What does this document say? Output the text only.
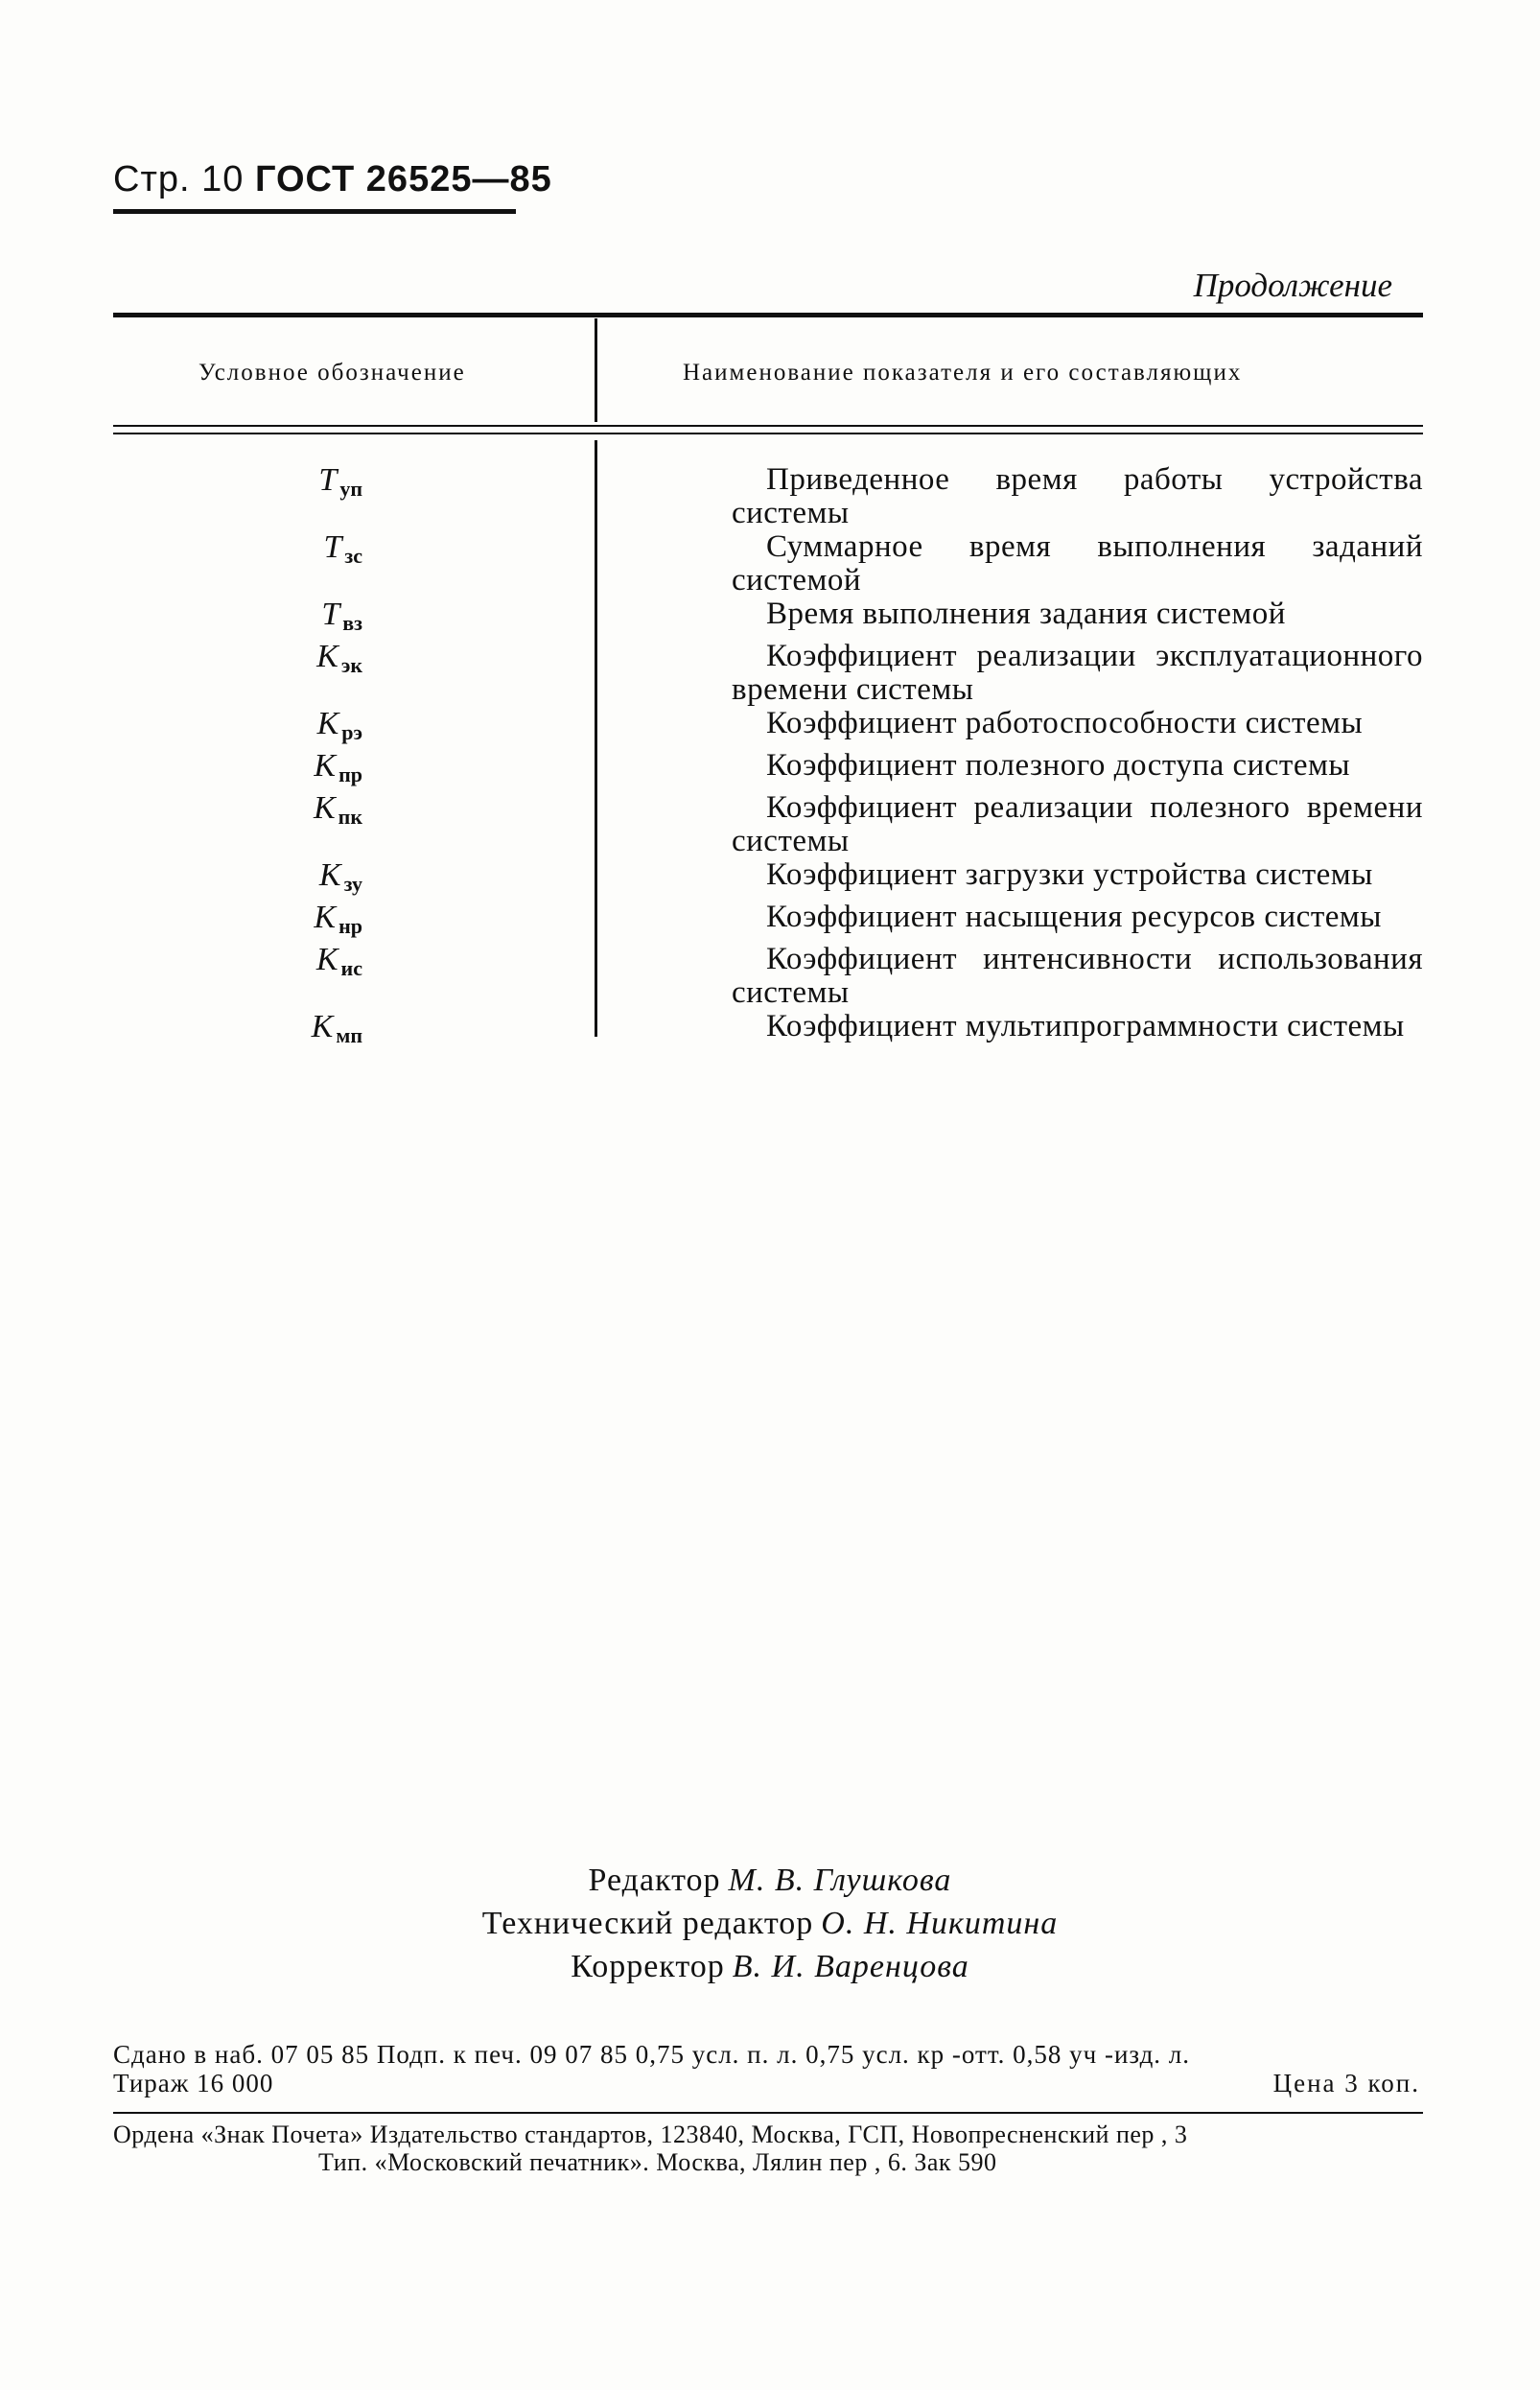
Стр. 10 ГОСТ 26525—85
Продолжение
Условное обозначение	Наименование показателя и его составляющих
T $_{уп}$	Приведенное время работы устройства системы
T $_{зс}$	Суммарное время выполнения заданий системой
T $_{вз}$	Время выполнения задания системой
K $_{эк}$	Коэффициент реализации эксплуатационного времени системы
K $_{рэ}$	Коэффициент работоспособности системы
K $_{пр}$	Коэффициент полезного доступа системы
K $_{пк}$	Коэффициент реализации полезного времени системы
K $_{зу}$	Коэффициент загрузки устройства системы
K $_{нр}$	Коэффициент насыщения ресурсов системы
K $_{ис}$	Коэффициент интенсивности использования системы
K $_{мп}$	Коэффициент мультипрограммности системы
Редактор М. В. Глушкова
Технический редактор О. Н. Никитина
Корректор В. И. Варенцова
Сдано в наб. 07 05 85 Подп. к печ. 09 07 85 0,75 усл. п. л. 0,75 усл. кр -отт. 0,58 уч -изд. л.
Тираж 16 000	Цена 3 коп.
Ордена «Знак Почета» Издательство стандартов, 123840, Москва, ГСП, Новопресненский пер , 3
Тип. «Московский печатник». Москва, Лялин пер , 6. Зак 590
